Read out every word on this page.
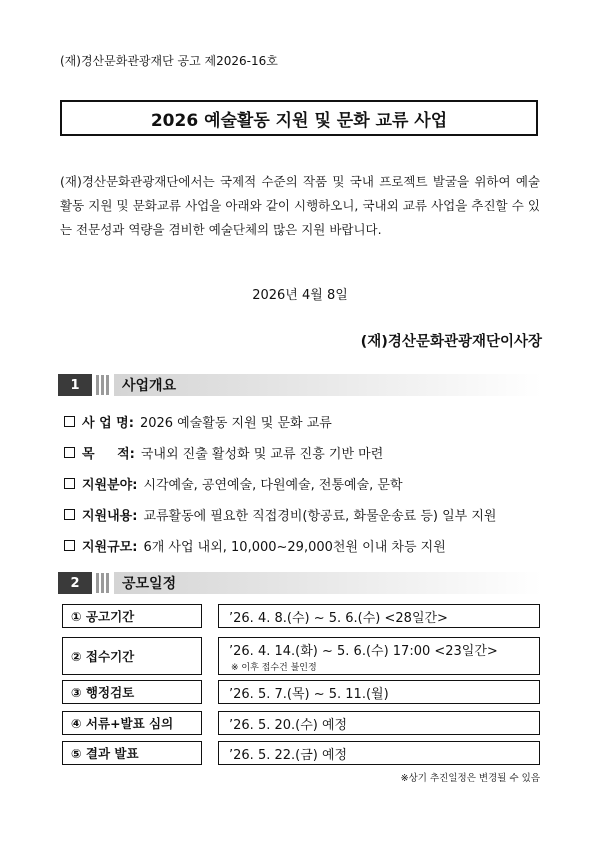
(재)경산문화관광재단 공고 제2026-16호
2026 예술활동 지원 및 문화 교류 사업
(재)경산문화관광재단에서는 국제적 수준의 작품 및 국내 프로젝트 발굴을 위하여 예술활동 지원 및 문화교류 사업을 아래와 같이 시행하오니, 국내외 교류 사업을 추진할 수 있는 전문성과 역량을 겸비한 예술단체의 많은 지원 바랍니다.
2026년 4월 8일
(재)경산문화관광재단이사장
1	사업개요
사 업 명: 2026 예술활동 지원 및 문화 교류
목 적: 국내외 진출 활성화 및 교류 진흥 기반 마련
지원분야: 시각예술, 공연예술, 다원예술, 전통예술, 문학
지원내용: 교류활동에 필요한 직접경비(항공료, 화물운송료 등) 일부 지원
지원규모: 6개 사업 내외, 10,000~29,000천원 이내 차등 지원
2	공모일정
① 공고기간	’26. 4. 8.(수) ~ 5. 6.(수) <28일간>
② 접수기간	’26. 4. 14.(화) ~ 5. 6.(수) 17:00 <23일간>
※ 이후 접수건 불인정
③ 행정검토	’26. 5. 7.(목) ~ 5. 11.(월)
④ 서류+발표 심의	’26. 5. 20.(수) 예정
⑤ 결과 발표	’26. 5. 22.(금) 예정
※상기 추진일정은 변경될 수 있음
